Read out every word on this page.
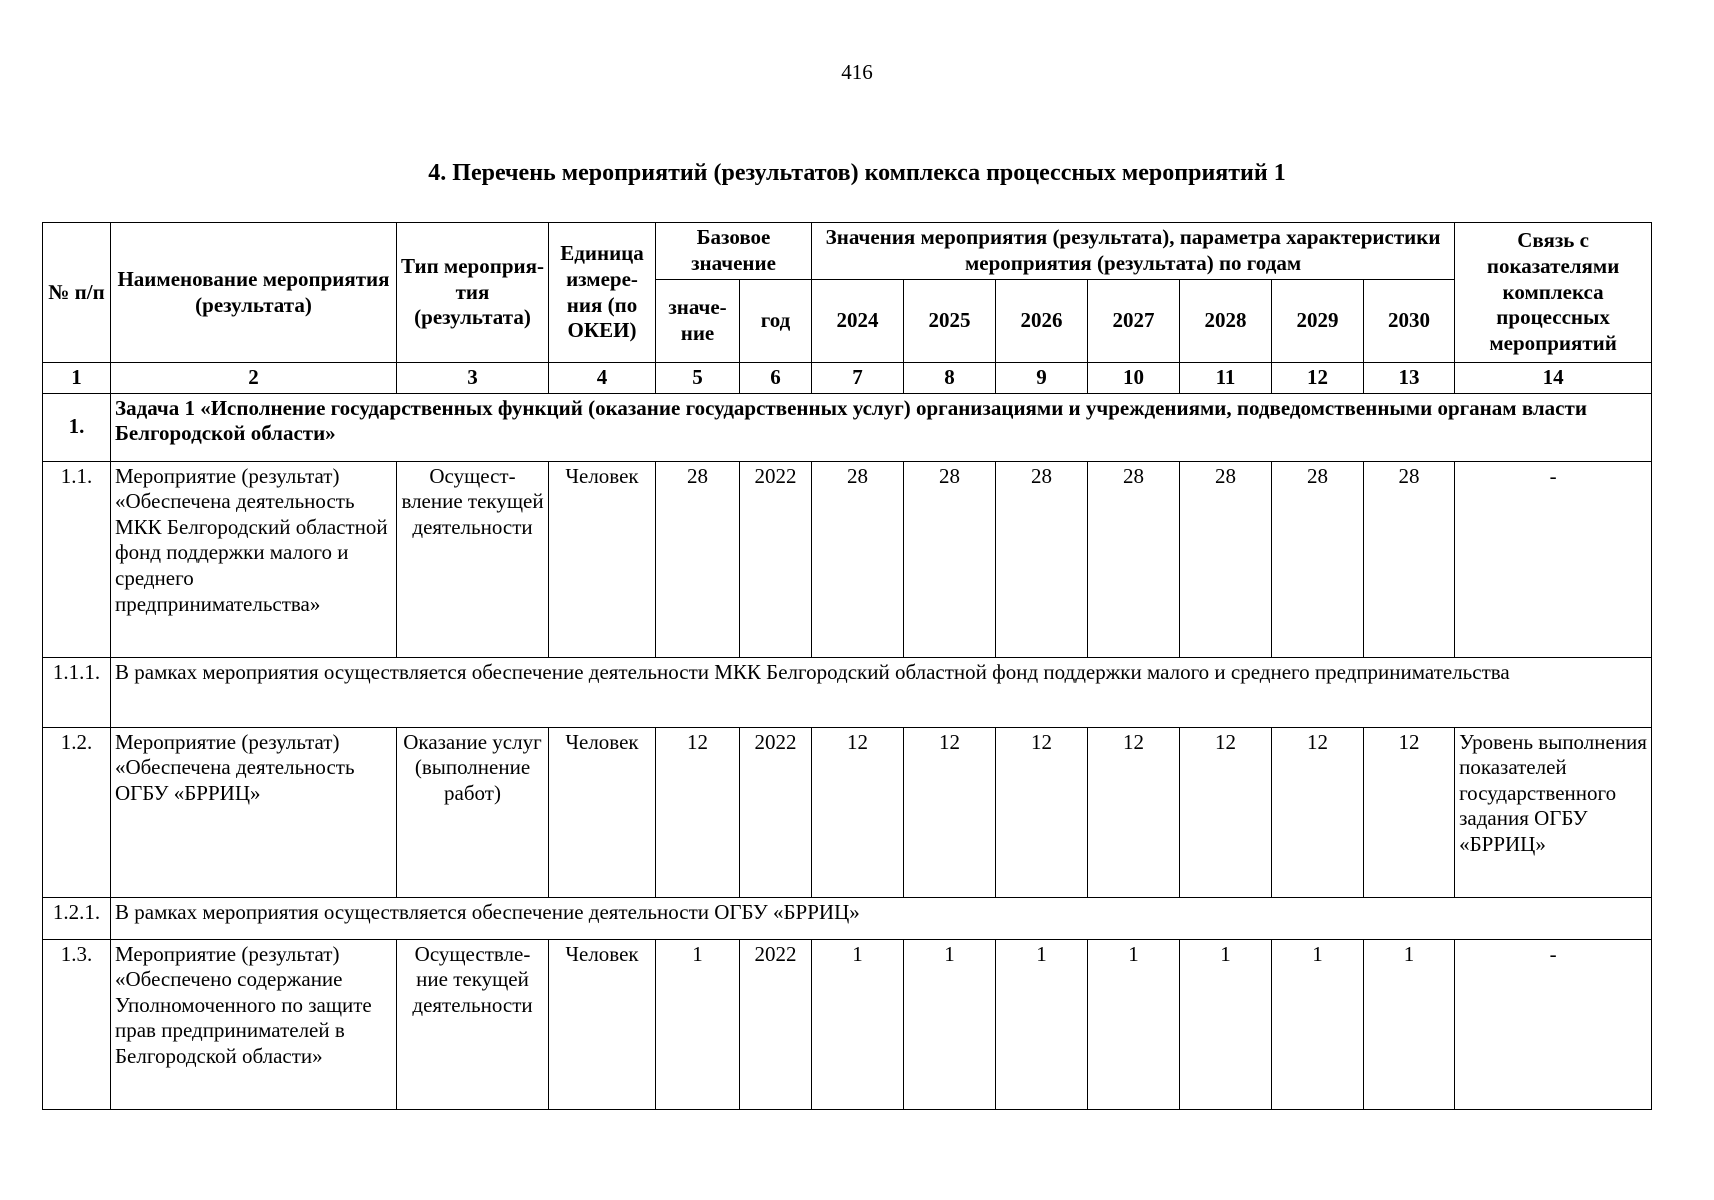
416
4. Перечень мероприятий (результатов) комплекса процессных мероприятий 1
№ п/п	Наименование мероприятия (результата)	Тип мероприя-тия (результата)	Единица измере-ния (по ОКЕИ)	Базовое значение		Значения мероприятия (результата), параметра характеристики мероприятия (результата) по годам							Связь с показателями комплекса процессных мероприятий
				значе-ние	год	2024	2025	2026	2027	2028	2029	2030	
1	2	3	4	5	6	7	8	9	10	11	12	13	14
1.	Задача 1 «Исполнение государственных функций (оказание государственных услуг) организациями и учреждениями, подведомственными органам власти Белгородской области»												
1.1.	Мероприятие (результат) «Обеспечена деятельность МКК Белгородский областной фонд поддержки малого и среднего предпринимательства»	Осущест-вление текущей деятельности	Человек	28	2022	28	28	28	28	28	28	28	-
1.1.1.	В рамках мероприятия осуществляется обеспечение деятельности МКК Белгородский областной фонд поддержки малого и среднего предпринимательства												
1.2.	Мероприятие (результат) «Обеспечена деятельность ОГБУ «БРРИЦ»	Оказание услуг (выполнение работ)	Человек	12	2022	12	12	12	12	12	12	12	Уровень выполнения показателей государственного задания ОГБУ «БРРИЦ»
1.2.1.	В рамках мероприятия осуществляется обеспечение деятельности ОГБУ «БРРИЦ»												
1.3.	Мероприятие (результат) «Обеспечено содержание Уполномоченного по защите прав предпринимателей в Белгородской области»	Осуществле-ние текущей деятельности	Человек	1	2022	1	1	1	1	1	1	1	-
